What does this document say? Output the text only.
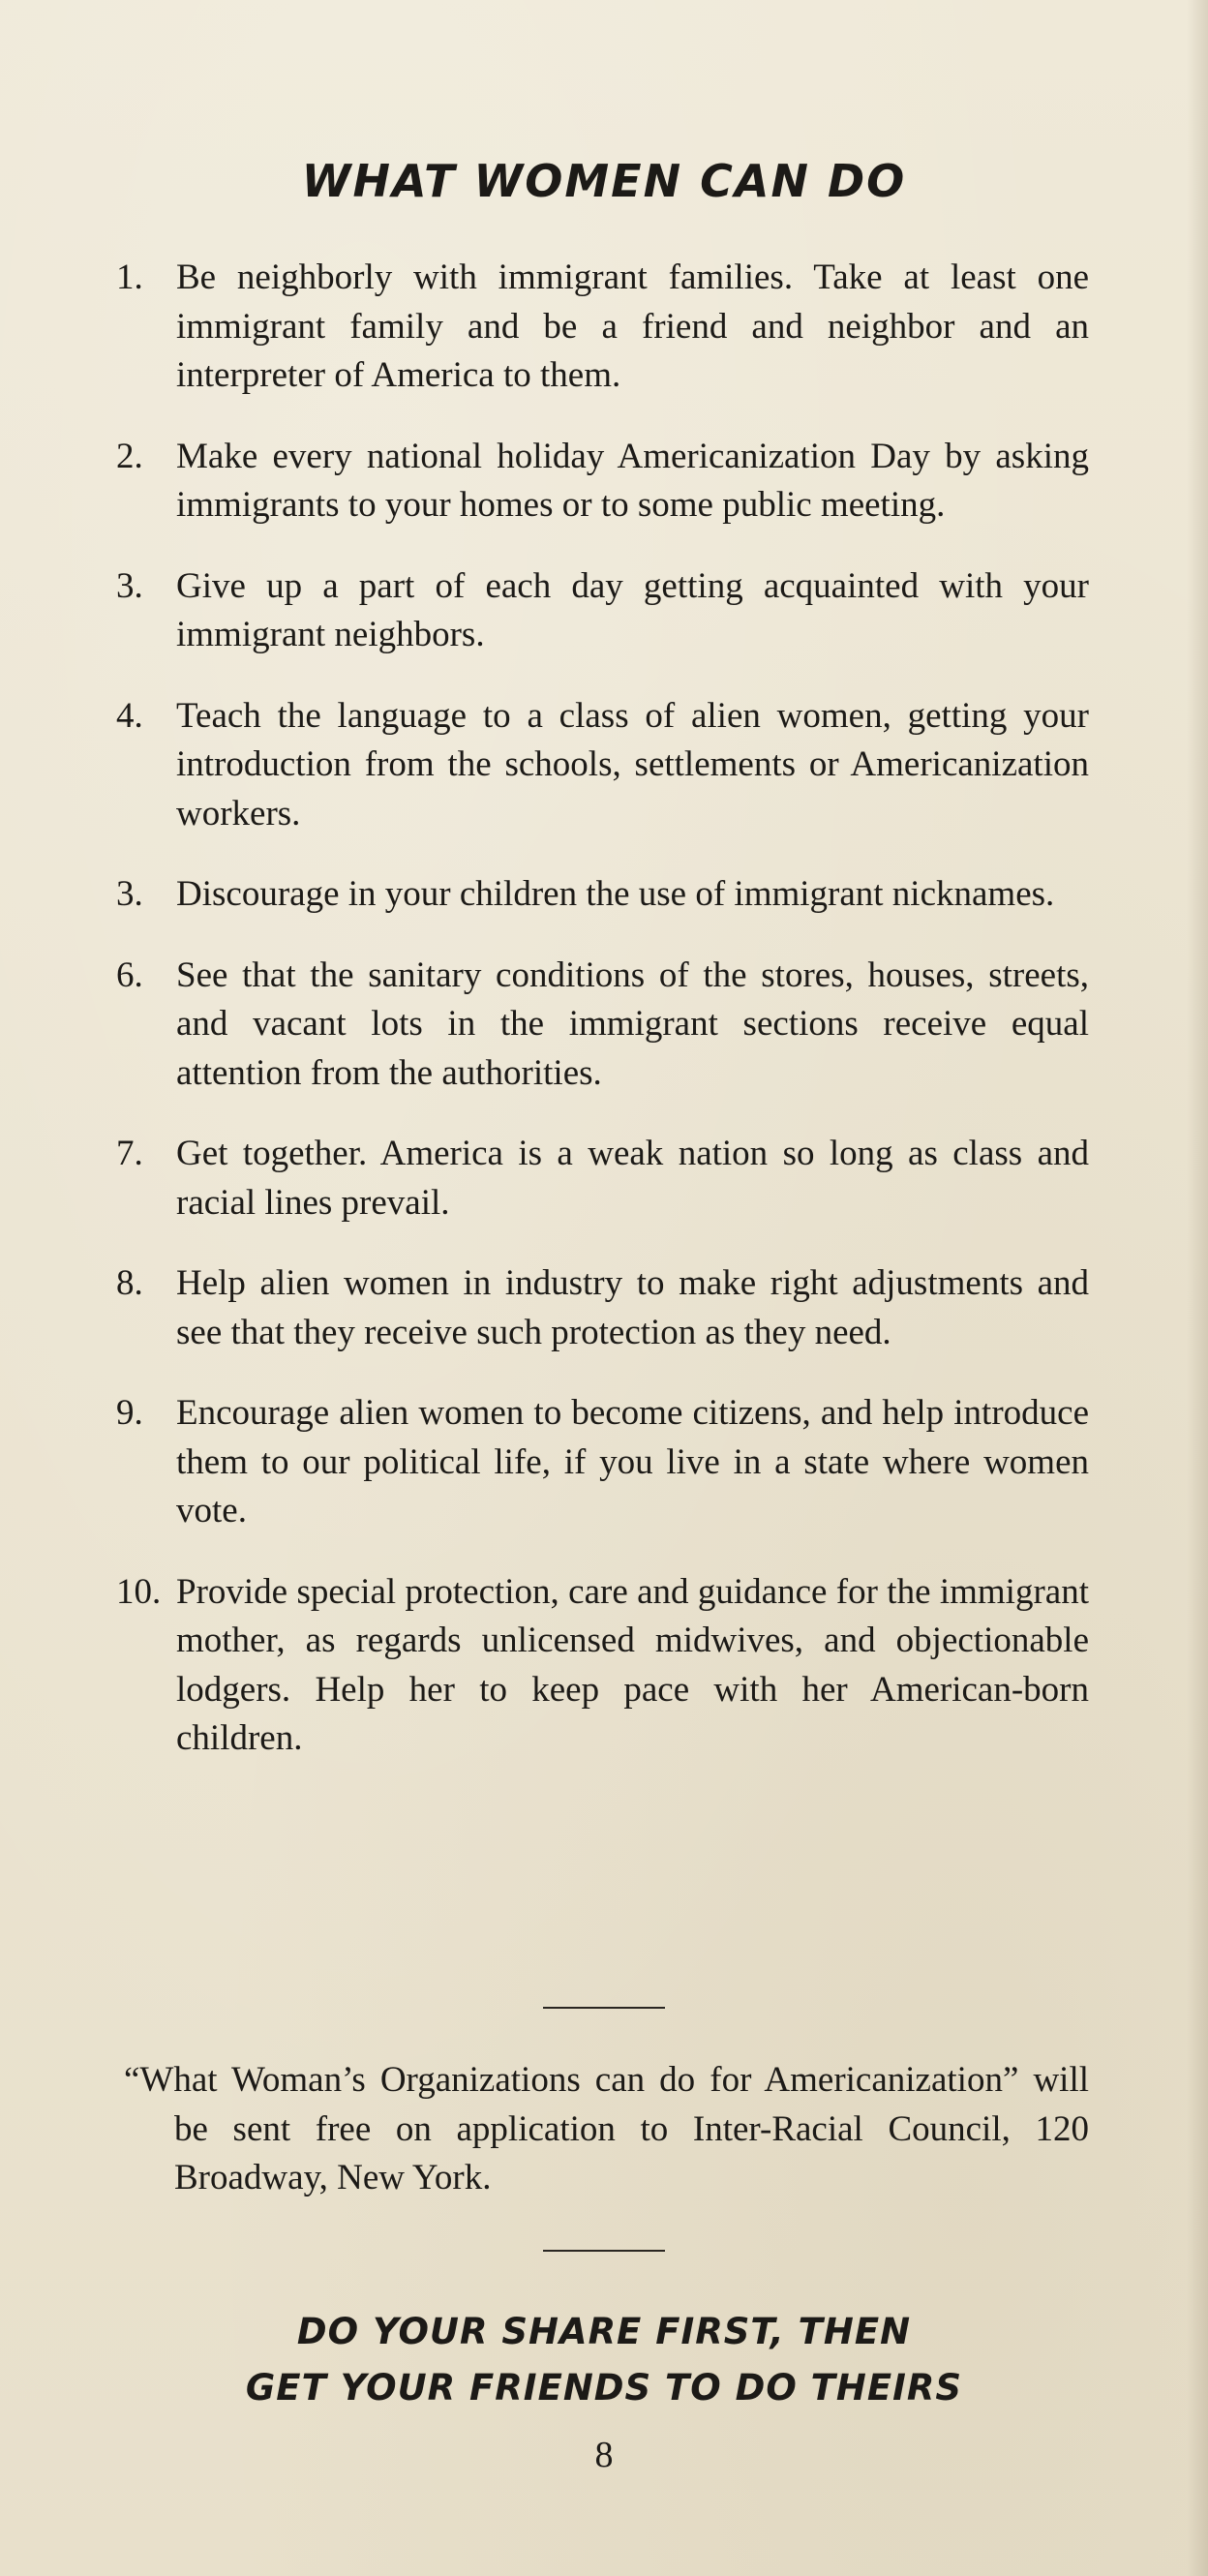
WHAT WOMEN CAN DO
1. Be neighborly with immigrant families. Take at least one immigrant family and be a friend and neighbor and an interpreter of America to them.
2. Make every national holiday Americanization Day by asking immigrants to your homes or to some public meeting.
3. Give up a part of each day getting acquainted with your immigrant neighbors.
4. Teach the language to a class of alien women, getting your introduction from the schools, settlements or Americanization workers.
3. Discourage in your children the use of immigrant nicknames.
6. See that the sanitary conditions of the stores, houses, streets, and vacant lots in the immigrant sections receive equal attention from the authorities.
7. Get together. America is a weak nation so long as class and racial lines prevail.
8. Help alien women in industry to make right adjustments and see that they receive such protection as they need.
9. Encourage alien women to become citizens, and help introduce them to our political life, if you live in a state where women vote.
10. Provide special protection, care and guidance for the immigrant mother, as regards unlicensed midwives, and objectionable lodgers. Help her to keep pace with her American-born children.

“What Woman’s Organizations can do for Americanization” will be sent free on application to Inter-Racial Council, 120 Broadway, New York.

DO YOUR SHARE FIRST, THEN
GET YOUR FRIENDS TO DO THEIRS

8
